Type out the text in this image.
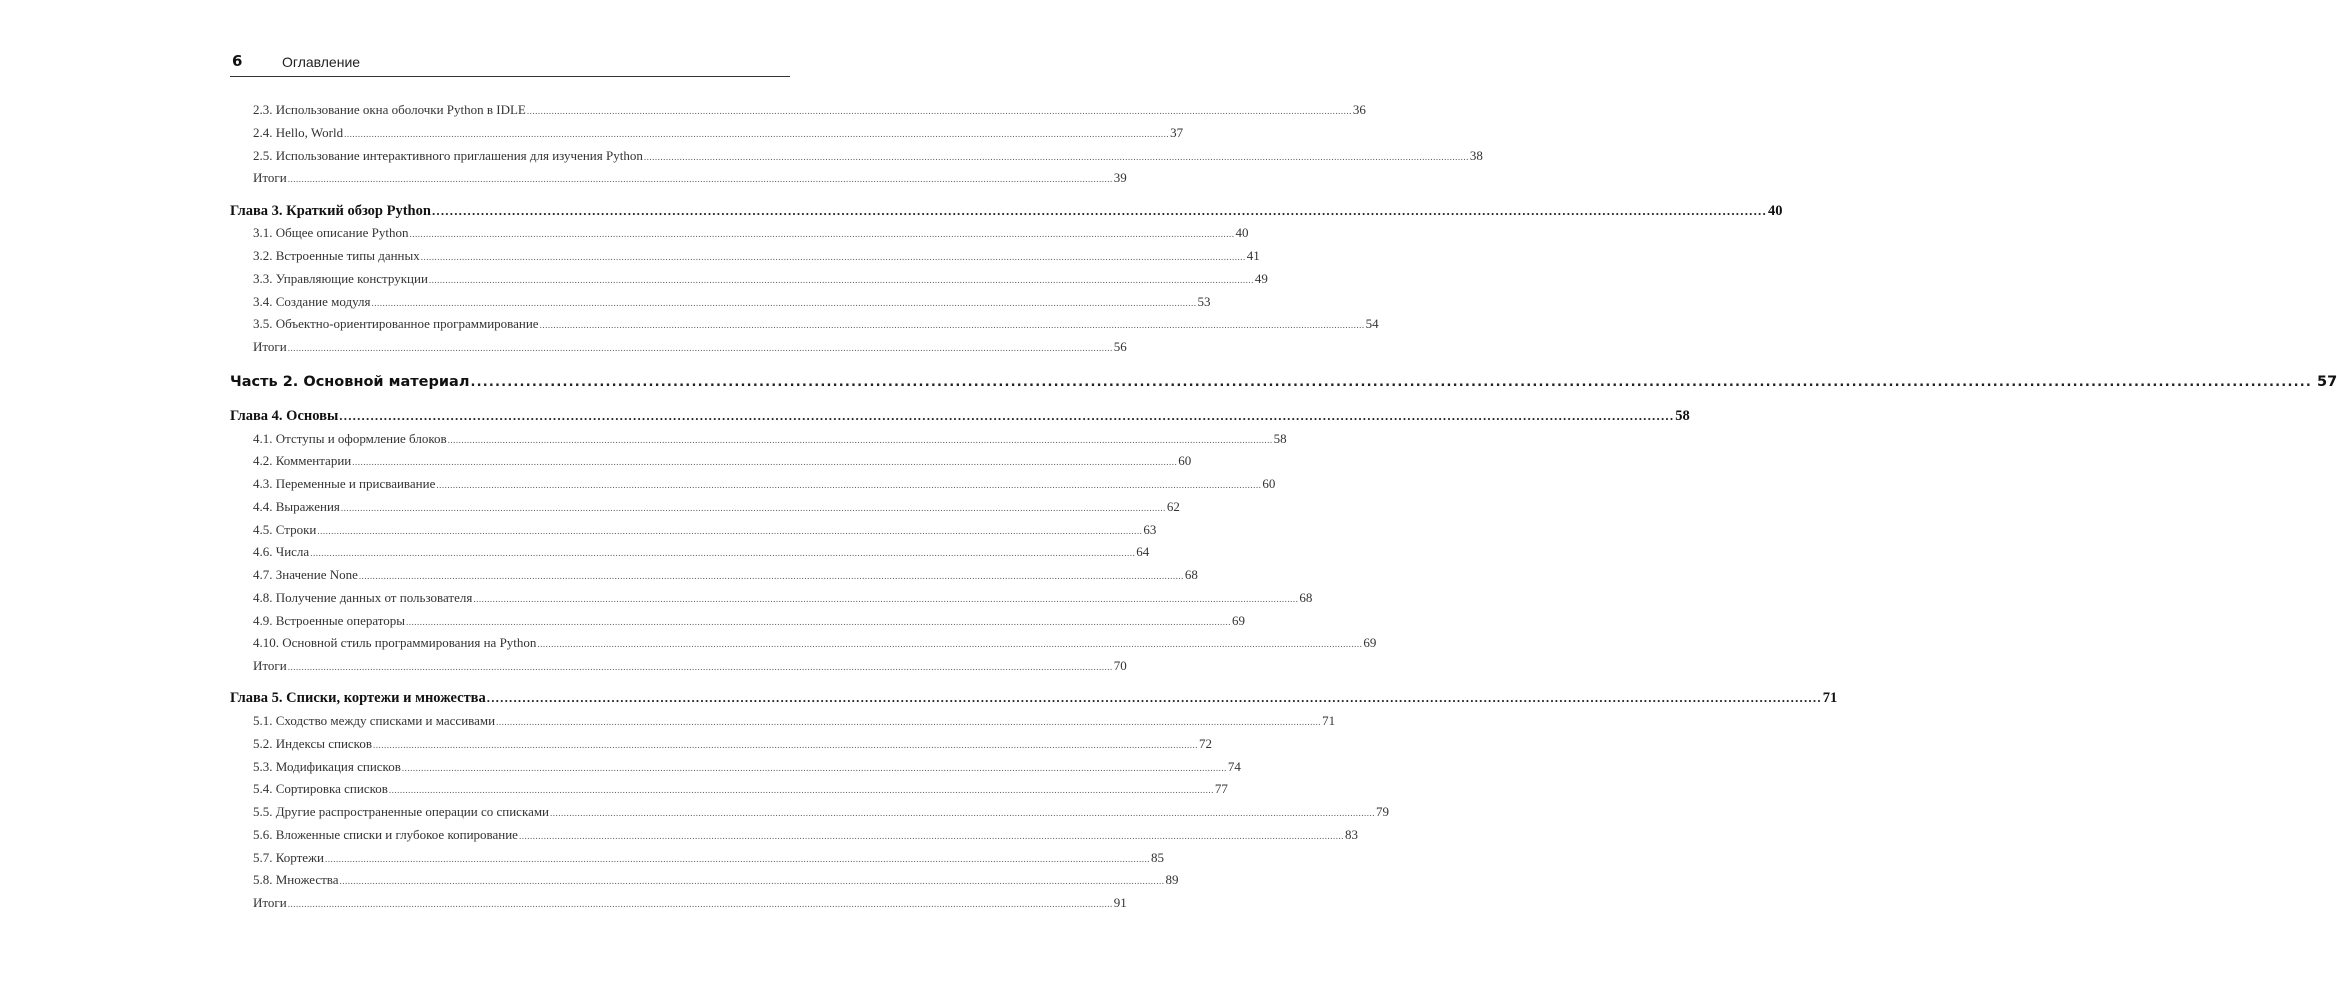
6	Оглавление
2.3. Использование окна оболочки Python в IDLE ............................................................................................................................................................................................................................................................................................................ 36
2.4. Hello, World ............................................................................................................................................................................................................................................................................................................ 37
2.5. Использование интерактивного приглашения для изучения Python ............................................................................................................................................................................................................................................................................................................ 38
Итоги ............................................................................................................................................................................................................................................................................................................ 39
Глава 3. Краткий обзор Python ............................................................................................................................................................................................................................................................................................................ 40
3.1. Общее описание Python ............................................................................................................................................................................................................................................................................................................ 40
3.2. Встроенные типы данных ............................................................................................................................................................................................................................................................................................................ 41
3.3. Управляющие конструкции ............................................................................................................................................................................................................................................................................................................ 49
3.4. Создание модуля ............................................................................................................................................................................................................................................................................................................ 53
3.5. Объектно-ориентированное программирование ............................................................................................................................................................................................................................................................................................................ 54
Итоги ............................................................................................................................................................................................................................................................................................................ 56
Часть 2. Основной материал ............................................................................................................................................................................................................................................................................................................ 57
Глава 4. Основы ............................................................................................................................................................................................................................................................................................................ 58
4.1. Отступы и оформление блоков ............................................................................................................................................................................................................................................................................................................ 58
4.2. Комментарии ............................................................................................................................................................................................................................................................................................................ 60
4.3. Переменные и присваивание ............................................................................................................................................................................................................................................................................................................ 60
4.4. Выражения ............................................................................................................................................................................................................................................................................................................ 62
4.5. Строки ............................................................................................................................................................................................................................................................................................................ 63
4.6. Числа ............................................................................................................................................................................................................................................................................................................ 64
4.7. Значение None ............................................................................................................................................................................................................................................................................................................ 68
4.8. Получение данных от пользователя ............................................................................................................................................................................................................................................................................................................ 68
4.9. Встроенные операторы ............................................................................................................................................................................................................................................................................................................ 69
4.10. Основной стиль программирования на Python ............................................................................................................................................................................................................................................................................................................ 69
Итоги ............................................................................................................................................................................................................................................................................................................ 70
Глава 5. Списки, кортежи и множества ............................................................................................................................................................................................................................................................................................................ 71
5.1. Сходство между списками и массивами ............................................................................................................................................................................................................................................................................................................ 71
5.2. Индексы списков ............................................................................................................................................................................................................................................................................................................ 72
5.3. Модификация списков ............................................................................................................................................................................................................................................................................................................ 74
5.4. Сортировка списков ............................................................................................................................................................................................................................................................................................................ 77
5.5. Другие распространенные операции со списками ............................................................................................................................................................................................................................................................................................................ 79
5.6. Вложенные списки и глубокое копирование ............................................................................................................................................................................................................................................................................................................ 83
5.7. Кортежи ............................................................................................................................................................................................................................................................................................................ 85
5.8. Множества ............................................................................................................................................................................................................................................................................................................ 89
Итоги ............................................................................................................................................................................................................................................................................................................ 91
